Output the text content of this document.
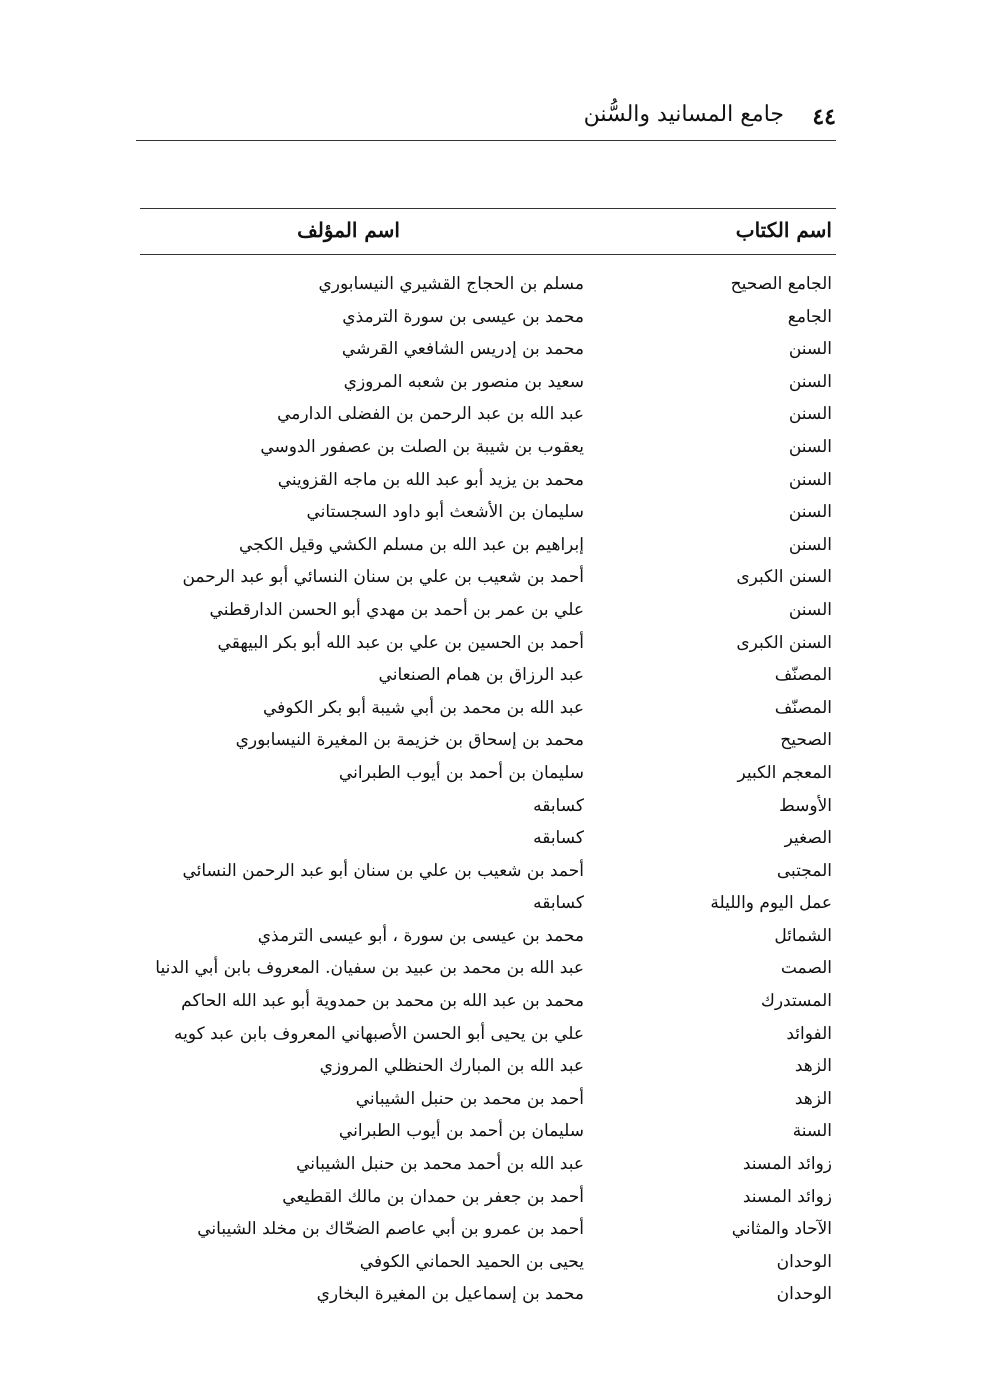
٤٤
جامع المسانيد والسُّنن
اسم الكتاب
اسم المؤلف
الجامع الصحيح
مسلم بن الحجاج القشيري النيسابوري
الجامع
محمد بن عيسى بن سورة الترمذي
السنن
محمد بن إدريس الشافعي القرشي
السنن
سعيد بن منصور بن شعبه المروزي
السنن
عبد الله بن عبد الرحمن بن الفضلى الدارمي
السنن
يعقوب بن شيبة بن الصلت بن عصفور الدوسي
السنن
محمد بن يزيد أبو عبد الله بن ماجه القزويني
السنن
سليمان بن الأشعث أبو داود السجستاني
السنن
إبراهيم بن عبد الله بن مسلم الكشي وقيل الكجي
السنن الكبرى
أحمد بن شعيب بن علي بن سنان النسائي أبو عبد الرحمن
السنن
علي بن عمر بن أحمد بن مهدي أبو الحسن الدارقطني
السنن الكبرى
أحمد بن الحسين بن علي بن عبد الله أبو بكر البيهقي
المصنّف
عبد الرزاق بن همام الصنعاني
المصنّف
عبد الله بن محمد بن أبي شيبة أبو بكر الكوفي
الصحيح
محمد بن إسحاق بن خزيمة بن المغيرة النيسابوري
المعجم الكبير
سليمان بن أحمد بن أيوب الطبراني
الأوسط
كسابقه
الصغير
كسابقه
المجتبى
أحمد بن شعيب بن علي بن سنان أبو عبد الرحمن النسائي
عمل اليوم والليلة
كسابقه
الشمائل
محمد بن عيسى بن سورة ، أبو عيسى الترمذي
الصمت
عبد الله بن محمد بن عبيد بن سفيان. المعروف بابن أبي الدنيا
المستدرك
محمد بن عبد الله بن محمد بن حمدوية أبو عبد الله الحاكم
الفوائد
علي بن يحيى أبو الحسن الأصبهاني المعروف بابن عبد كويه
الزهد
عبد الله بن المبارك الحنظلي المروزي
الزهد
أحمد بن محمد بن حنبل الشيباني
السنة
سليمان بن أحمد بن أيوب الطبراني
زوائد المسند
عبد الله بن أحمد محمد بن حنبل الشيباني
زوائد المسند
أحمد بن جعفر بن حمدان بن مالك القطيعي
الآحاد والمثاني
أحمد بن عمرو بن أبي عاصم الضحّاك بن مخلد الشيباني
الوحدان
يحيى بن الحميد الحماني الكوفي
الوحدان
محمد بن إسماعيل بن المغيرة البخاري
